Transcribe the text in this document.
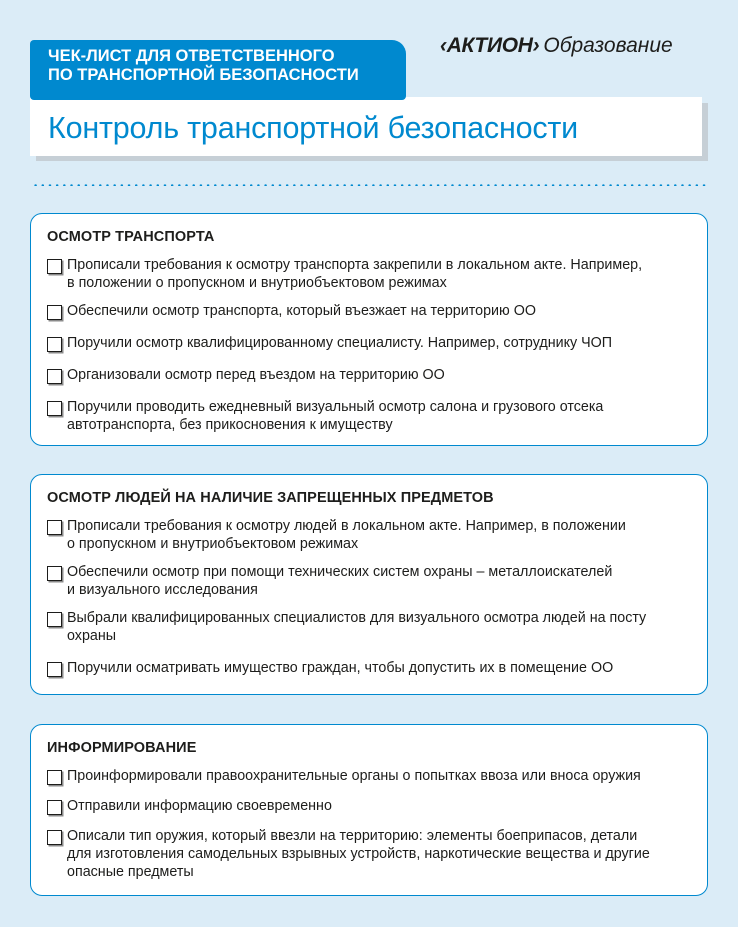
ЧЕК-ЛИСТ ДЛЯ ОТВЕТСТВЕННОГО
ПО ТРАНСПОРТНОЙ БЕЗОПАСНОСТИ
‹АКТИОН› Образование
Контроль транспортной безопасности
ОСМОТР ТРАНСПОРТА
Прописали требования к осмотру транспорта закрепили в локальном акте. Например,
в положении о пропускном и внутриобъектовом режимах
Обеспечили осмотр транспорта, который въезжает на территорию ОО
Поручили осмотр квалифицированному специалисту. Например, сотруднику ЧОП
Организовали осмотр перед въездом на территорию ОО
Поручили проводить ежедневный визуальный осмотр салона и грузового отсека
автотранспорта, без прикосновения к имуществу
ОСМОТР ЛЮДЕЙ НА НАЛИЧИЕ ЗАПРЕЩЕННЫХ ПРЕДМЕТОВ
Прописали требования к осмотру людей в локальном акте. Например, в положении
о пропускном и внутриобъектовом режимах
Обеспечили осмотр при помощи технических систем охраны – металлоискателей
и визуального исследования
Выбрали квалифицированных специалистов для визуального осмотра людей на посту
охраны
Поручили осматривать имущество граждан, чтобы допустить их в помещение ОО
ИНФОРМИРОВАНИЕ
Проинформировали правоохранительные органы о попытках ввоза или вноса оружия
Отправили информацию своевременно
Описали тип оружия, который ввезли на территорию: элементы боеприпасов, детали
для изготовления самодельных взрывных устройств, наркотические вещества и другие
опасные предметы
